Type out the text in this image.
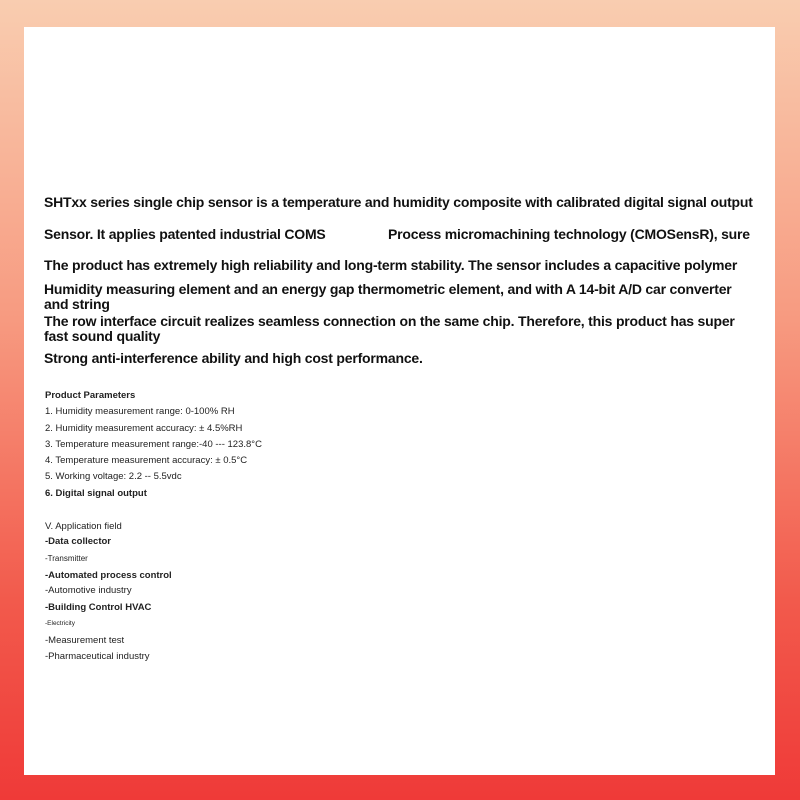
SHTxx series single chip sensor is a temperature and humidity composite with calibrated digital signal output
Sensor. It applies patented industrial COMS	Process micromachining technology (CMOSensR), sure
The product has extremely high reliability and long-term stability. The sensor includes a capacitive polymer
Humidity measuring element and an energy gap thermometric element, and with A 14-bit A/D car converter
and string
The row interface circuit realizes seamless connection on the same chip. Therefore, this product has super
fast sound quality
Strong anti-interference ability and high cost performance.
Product Parameters
1. Humidity measurement range: 0-100% RH
2. Humidity measurement accuracy: ± 4.5%RH
3. Temperature measurement range:-40 --- 123.8°C
4. Temperature measurement accuracy: ± 0.5°C
5. Working voltage: 2.2 -- 5.5vdc
6. Digital signal output
V. Application field
-Data collector
-Transmitter
-Automated process control
-Automotive industry
-Building Control HVAC
-Electricity
-Measurement test
-Pharmaceutical industry
